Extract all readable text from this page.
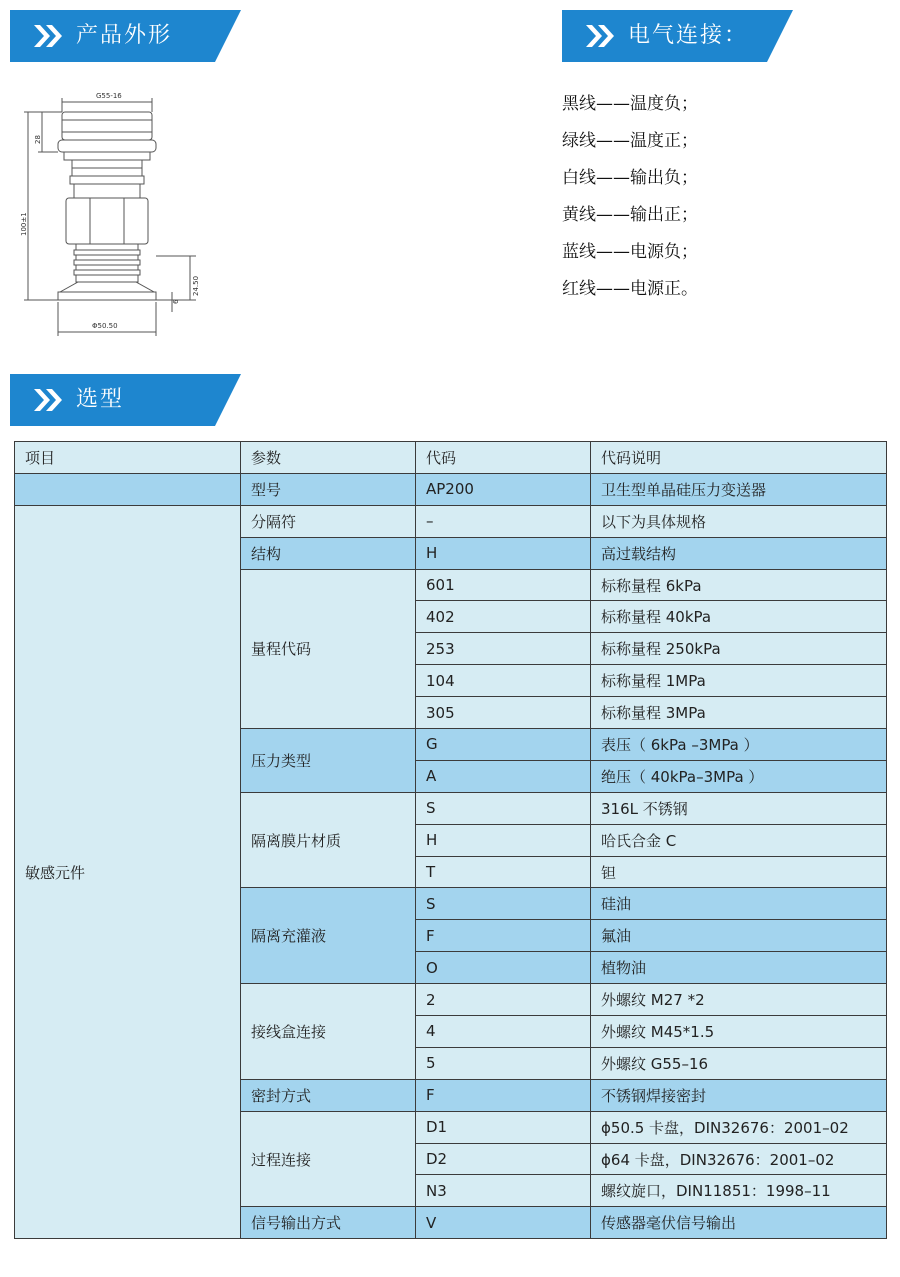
产品外形	电气连接：
G55-16
28
100±1
24.50
6
Φ50.50
黑线——温度负；
绿线——温度正；
白线——输出负；
黄线——输出正；
蓝线——电源负；
红线——电源正。
选型
项目	参数	代码	代码说明
	型号	AP200	卫生型单晶硅压力变送器
敏感元件	分隔符	–	以下为具体规格
	结构	H	高过载结构
	量程代码	601	标称量程 6kPa
		402	标称量程 40kPa
		253	标称量程 250kPa
		104	标称量程 1MPa
		305	标称量程 3MPa
	压力类型	G	表压（ 6kPa –3MPa ）
		A	绝压（ 40kPa–3MPa ）
	隔离膜片材质	S	316L 不锈钢
		H	哈氏合金 C
		T	钽
	隔离充灌液	S	硅油
		F	氟油
		O	植物油
	接线盒连接	2	外螺纹 M27 *2
		4	外螺纹 M45*1.5
		5	外螺纹 G55–16
	密封方式	F	不锈钢焊接密封
	过程连接	D1	ϕ50.5 卡盘，DIN32676：2001–02
		D2	ϕ64 卡盘，DIN32676：2001–02
		N3	螺纹旋口，DIN11851：1998–11
	信号输出方式	V	传感器毫伏信号输出
